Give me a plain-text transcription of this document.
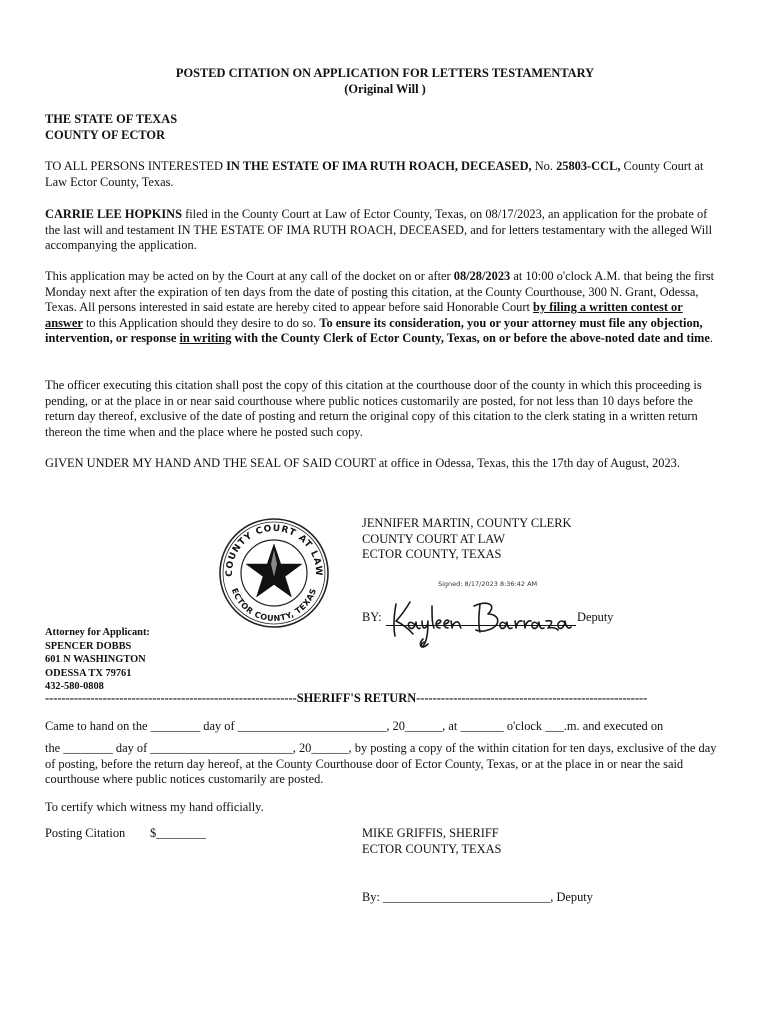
POSTED CITATION ON APPLICATION FOR LETTERS TESTAMENTARY
(Original Will )
THE STATE OF TEXAS
COUNTY OF ECTOR
TO ALL PERSONS INTERESTED IN THE ESTATE OF IMA RUTH ROACH, DECEASED, No. 25803-CCL, County Court at Law Ector County, Texas.
CARRIE LEE HOPKINS filed in the County Court at Law of Ector County, Texas, on 08/17/2023, an application for the probate of the last will and testament IN THE ESTATE OF IMA RUTH ROACH, DECEASED, and for letters testamentary with the alleged Will accompanying the application.
This application may be acted on by the Court at any call of the docket on or after 08/28/2023 at 10:00 o'clock A.M. that being the first Monday next after the expiration of ten days from the date of posting this citation, at the County Courthouse, 300 N. Grant, Odessa, Texas. All persons interested in said estate are hereby cited to appear before said Honorable Court by filing a written contest or answer to this Application should they desire to do so. To ensure its consideration, you or your attorney must file any objection, intervention, or response in writing with the County Clerk of Ector County, Texas, on or before the above-noted date and time.
The officer executing this citation shall post the copy of this citation at the courthouse door of the county in which this proceeding is pending, or at the place in or near said courthouse where public notices customarily are posted, for not less than 10 days before the return day thereof, exclusive of the date of posting and return the original copy of this citation to the clerk stating in a written return thereon the time when and the place where he posted such copy.
GIVEN UNDER MY HAND AND THE SEAL OF SAID COURT at office in Odessa, Texas, this the 17th day of August, 2023.
COUNTY COURT AT LAW
ECTOR COUNTY, TEXAS
JENNIFER MARTIN, COUNTY CLERK
COUNTY COURT AT LAW
ECTOR COUNTY, TEXAS
Signed: 8/17/2023 8:36:42 AM
BY:	Deputy
Attorney for Applicant:
SPENCER DOBBS
601 N WASHINGTON
ODESSA TX 79761
432-580-0808
-------------------------------------------------------------SHERIFF'S RETURN--------------------------------------------------------
Came to hand on the ________ day of ________________________, 20______, at _______ o'clock ___.m. and executed on
the ________ day of _______________________, 20______, by posting a copy of the within citation for ten days, exclusive of the day of posting, before the return day hereof, at the County Courthouse door of Ector County, Texas, or at the place in or near the said courthouse where public notices customarily are posted.
To certify which witness my hand officially.
Posting Citation $________	MIKE GRIFFIS, SHERIFF
ECTOR COUNTY, TEXAS
By: ___________________________, Deputy
